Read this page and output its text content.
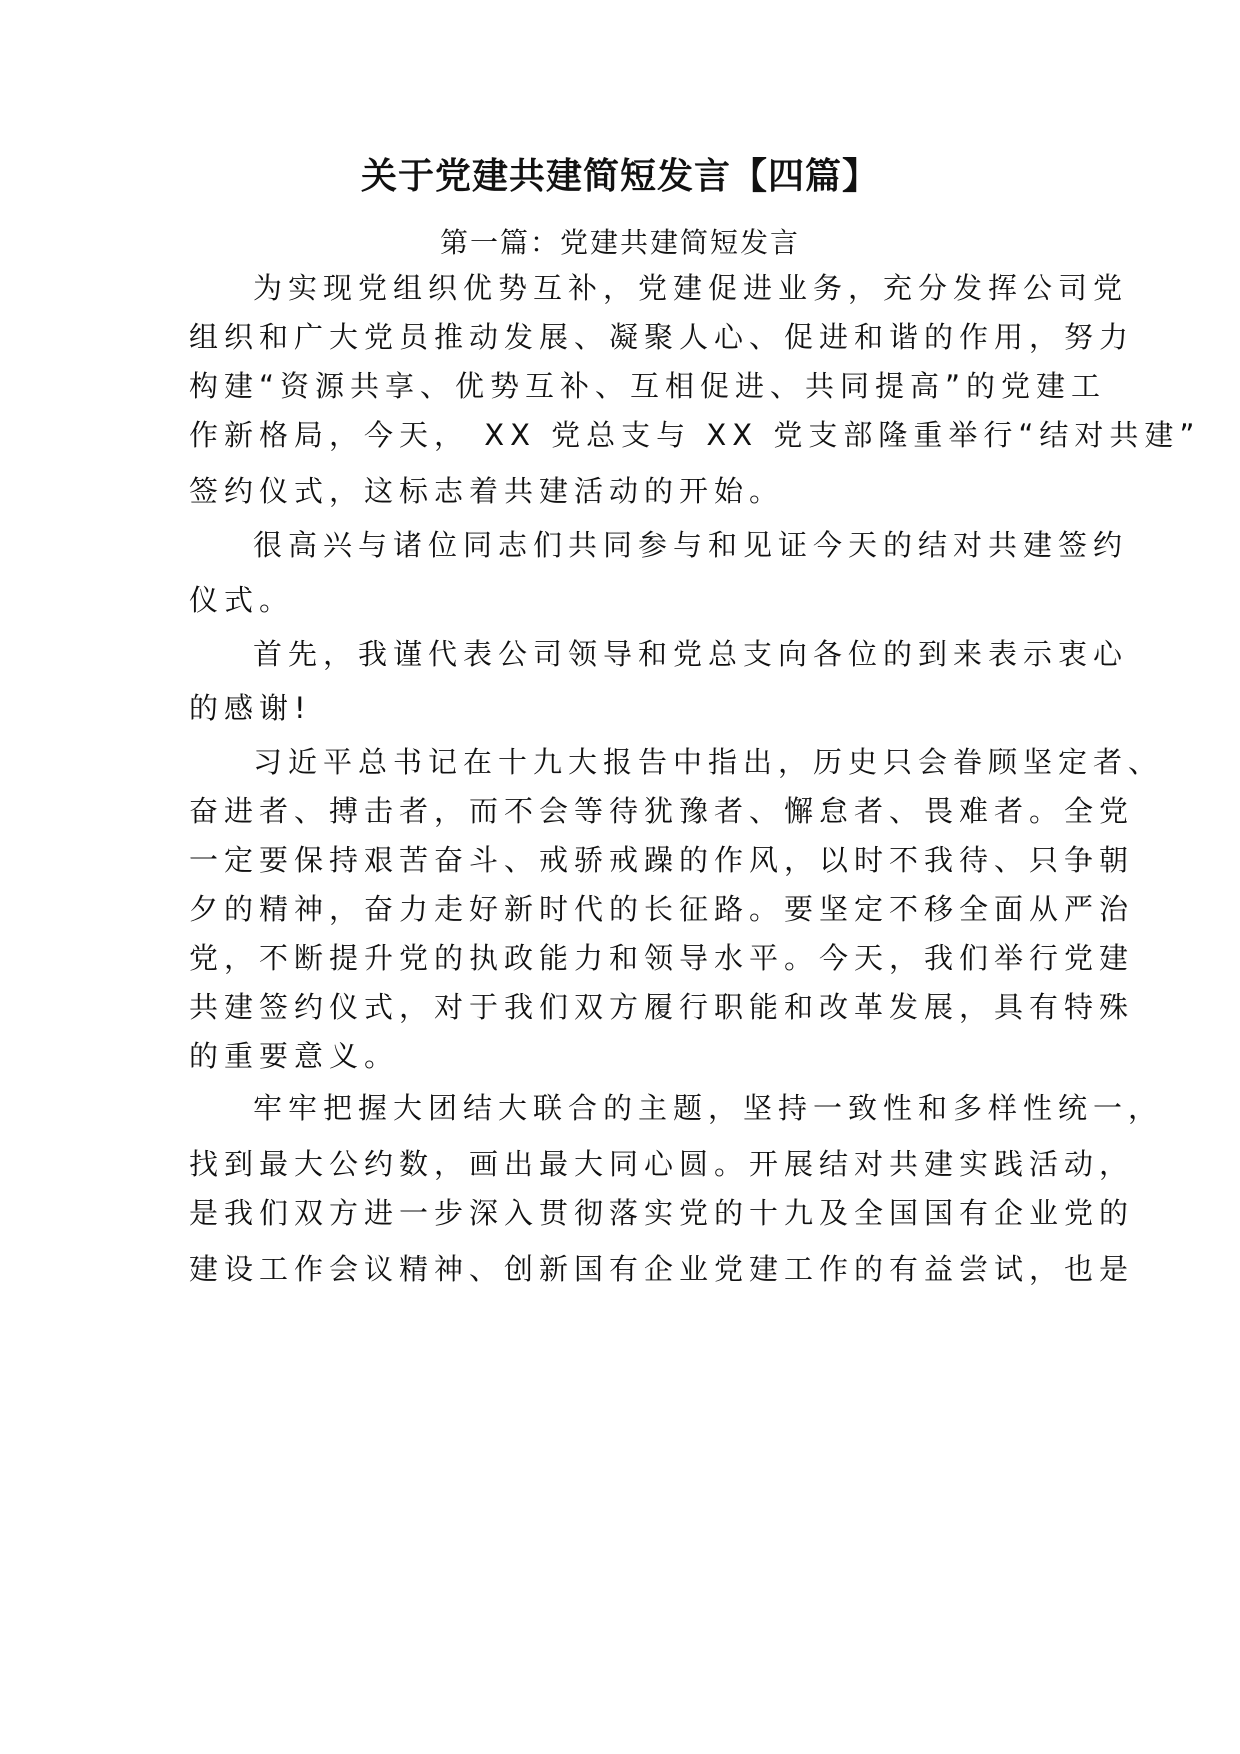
关于党建共建简短发言【四篇】
第一篇：党建共建简短发言
为实现党组织优势互补，党建促进业务，充分发挥公司党
组织和广大党员推动发展、凝聚人心、促进和谐的作用，努力
构建“资源共享、优势互补、互相促进、共同提高”的党建工
作新格局，今天， XX 党总支与 XX 党支部隆重举行“结对共建”
签约仪式，这标志着共建活动的开始。
很高兴与诸位同志们共同参与和见证今天的结对共建签约
仪式。
首先，我谨代表公司领导和党总支向各位的到来表示衷心
的感谢!
习近平总书记在十九大报告中指出，历史只会眷顾坚定者、
奋进者、搏击者，而不会等待犹豫者、懈怠者、畏难者。全党
一定要保持艰苦奋斗、戒骄戒躁的作风，以时不我待、只争朝
夕的精神，奋力走好新时代的长征路。要坚定不移全面从严治
党，不断提升党的执政能力和领导水平。今天，我们举行党建
共建签约仪式，对于我们双方履行职能和改革发展，具有特殊
的重要意义。
牢牢把握大团结大联合的主题，坚持一致性和多样性统一，
找到最大公约数，画出最大同心圆。开展结对共建实践活动，
是我们双方进一步深入贯彻落实党的十九及全国国有企业党的
建设工作会议精神、创新国有企业党建工作的有益尝试，也是
